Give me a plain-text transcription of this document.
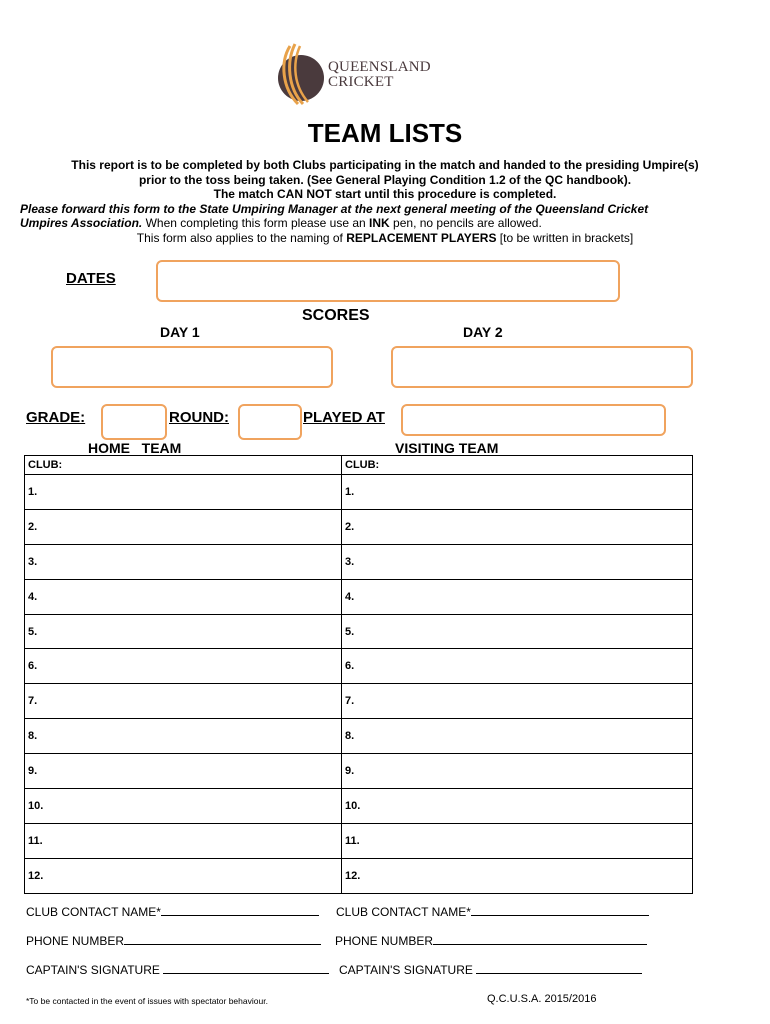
QUEENSLAND
CRICKET
TEAM LISTS
This report is to be completed by both Clubs participating in the match and handed to the presiding Umpire(s)
prior to the toss being taken. (See General Playing Condition 1.2 of the QC handbook).
The match CAN NOT start until this procedure is completed.
Please forward this form to the State Umpiring Manager at the next general meeting of the Queensland Cricket
Umpires Association. When completing this form please use an INK pen, no pencils are allowed.
This form also applies to the naming of REPLACEMENT PLAYERS [to be written in brackets]
DATES
SCORES
DAY 1	DAY 2
GRADE:	ROUND:	PLAYED AT
HOME   TEAM	VISITING TEAM
CLUB:	CLUB:
1.	1.
2.	2.
3.	3.
4.	4.
5.	5.
6.	6.
7.	7.
8.	8.
9.	9.
10.	10.
11.	11.
12.	12.
CLUB CONTACT NAME*	CLUB CONTACT NAME*
PHONE NUMBER	PHONE NUMBER
CAPTAIN'S SIGNATURE	CAPTAIN'S SIGNATURE
*To be contacted in the event of issues with spectator behaviour.	Q.C.U.S.A. 2015/2016
